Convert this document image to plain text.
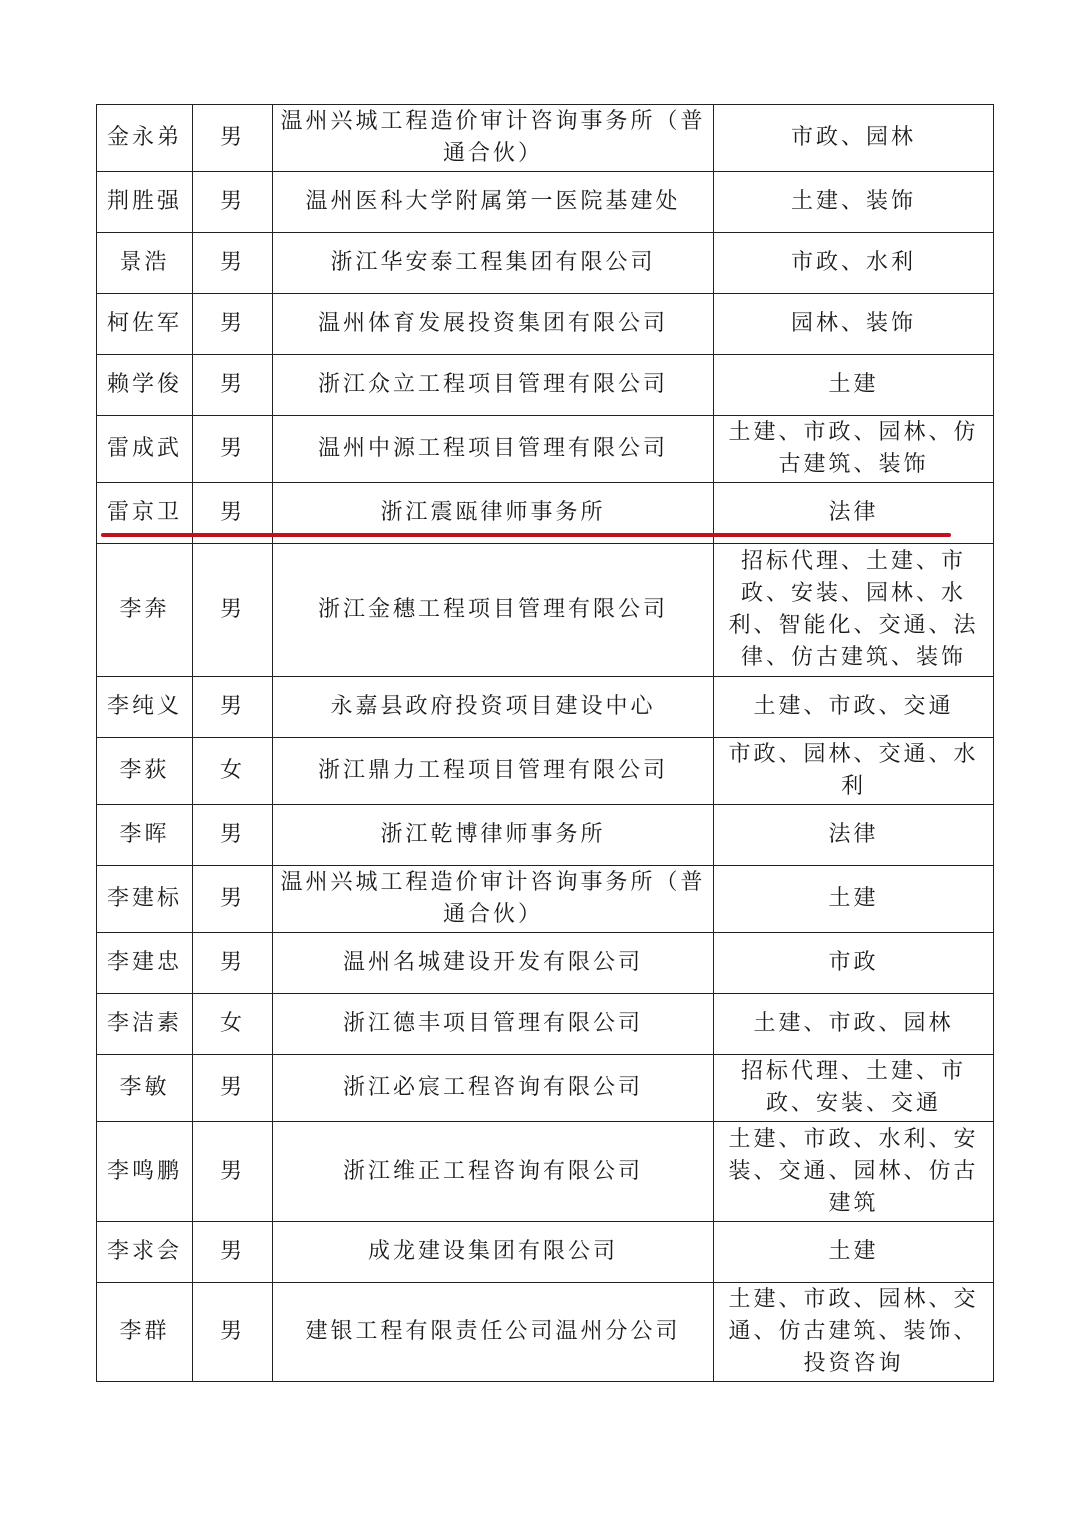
金永弟	男	温州兴城工程造价审计咨询事务所（普通合伙）	市政、园林
荆胜强	男	温州医科大学附属第一医院基建处	土建、装饰
景浩	男	浙江华安泰工程集团有限公司	市政、水利
柯佐军	男	温州体育发展投资集团有限公司	园林、装饰
赖学俊	男	浙江众立工程项目管理有限公司	土建
雷成武	男	温州中源工程项目管理有限公司	土建、市政、园林、仿古建筑、装饰
雷京卫	男	浙江震瓯律师事务所	法律
李奔	男	浙江金穗工程项目管理有限公司	招标代理、土建、市政、安装、园林、水利、智能化、交通、法律、仿古建筑、装饰
李纯义	男	永嘉县政府投资项目建设中心	土建、市政、交通
李荻	女	浙江鼎力工程项目管理有限公司	市政、园林、交通、水利
李晖	男	浙江乾博律师事务所	法律
李建标	男	温州兴城工程造价审计咨询事务所（普通合伙）	土建
李建忠	男	温州名城建设开发有限公司	市政
李洁素	女	浙江德丰项目管理有限公司	土建、市政、园林
李敏	男	浙江必宸工程咨询有限公司	招标代理、土建、市政、安装、交通
李鸣鹏	男	浙江维正工程咨询有限公司	土建、市政、水利、安装、交通、园林、仿古建筑
李求会	男	成龙建设集团有限公司	土建
李群	男	建银工程有限责任公司温州分公司	土建、市政、园林、交通、仿古建筑、装饰、投资咨询
